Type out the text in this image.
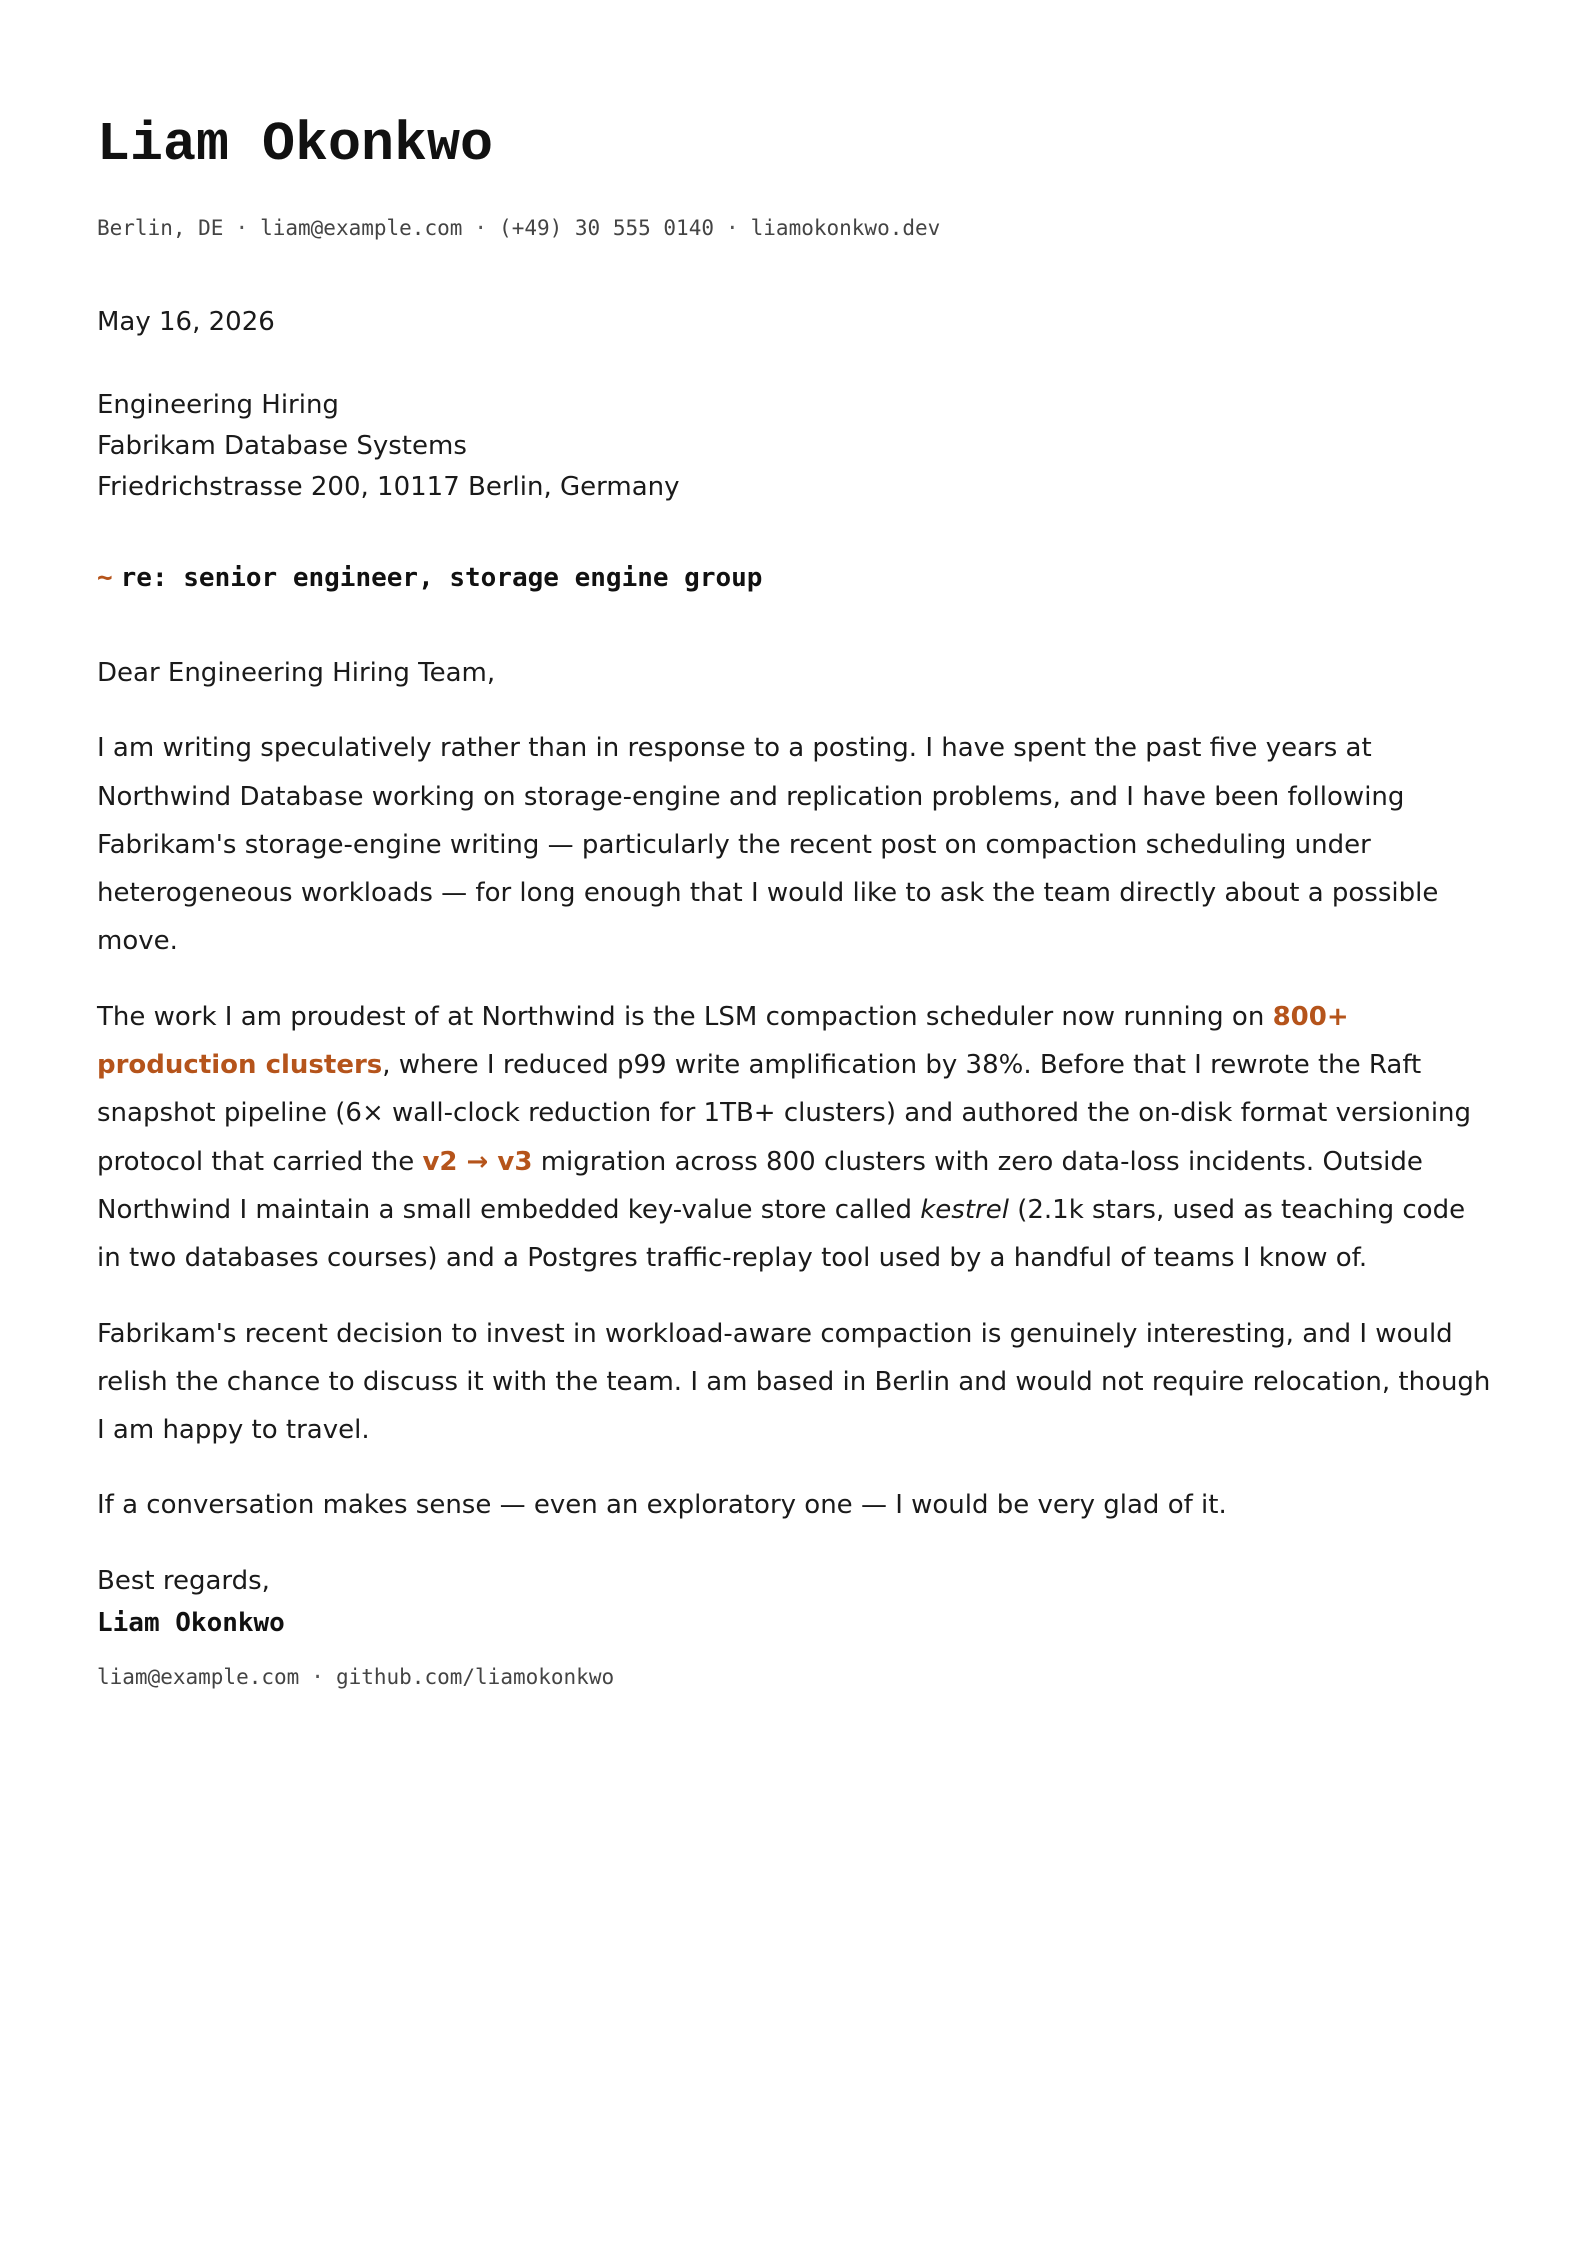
Liam Okonkwo
Berlin, DE · liam@example.com · (+49) 30 555 0140 · liamokonkwo.dev
May 16, 2026
Engineering Hiring
Fabrikam Database Systems
Friedrichstrasse 200, 10117 Berlin, Germany
~ re: senior engineer, storage engine group

Dear Engineering Hiring Team,

I am writing speculatively rather than in response to a posting. I have spent the past five years at Northwind Database working on storage-engine and replication problems, and I have been following Fabrikam's storage-engine writing — particularly the recent post on compaction scheduling under heterogeneous workloads — for long enough that I would like to ask the team directly about a possible move.

The work I am proudest of at Northwind is the LSM compaction scheduler now running on 800+ production clusters, where I reduced p99 write amplification by 38%. Before that I rewrote the Raft snapshot pipeline (6× wall-clock reduction for 1TB+ clusters) and authored the on-disk format versioning protocol that carried the v2 → v3 migration across 800 clusters with zero data-loss incidents. Outside Northwind I maintain a small embedded key-value store called kestrel (2.1k stars, used as teaching code in two databases courses) and a Postgres traffic-replay tool used by a handful of teams I know of.

Fabrikam's recent decision to invest in workload-aware compaction is genuinely interesting, and I would relish the chance to discuss it with the team. I am based in Berlin and would not require relocation, though I am happy to travel.

If a conversation makes sense — even an exploratory one — I would be very glad of it.

Best regards,

Liam Okonkwo
liam@example.com · github.com/liamokonkwo
